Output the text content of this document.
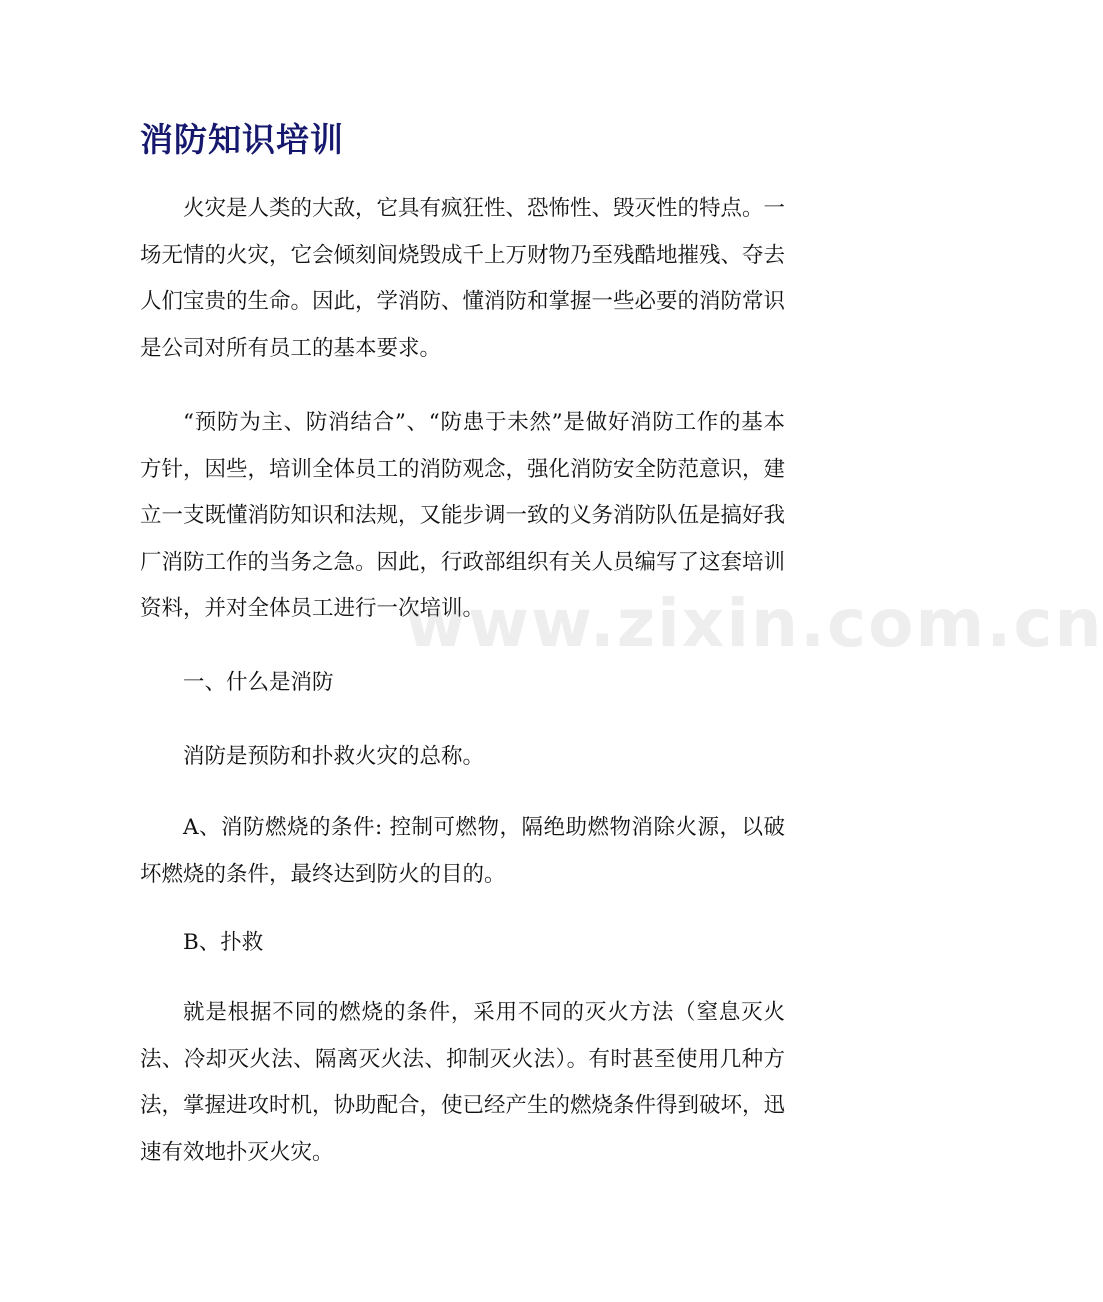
消防知识培训

火灾是人类的大敌，它具有疯狂性、恐怖性、毁灭性的特点。一场无情的火灾，它会倾刻间烧毁成千上万财物乃至残酷地摧残、夺去人们宝贵的生命。因此，学消防、懂消防和掌握一些必要的消防常识是公司对所有员工的基本要求。

“预防为主、防消结合”、“防患于未然”是做好消防工作的基本方针，因些，培训全体员工的消防观念，强化消防安全防范意识，建立一支既懂消防知识和法规，又能步调一致的义务消防队伍是搞好我厂消防工作的当务之急。因此，行政部组织有关人员编写了这套培训资料，并对全体员工进行一次培训。

一、什么是消防

消防是预防和扑救火灾的总称。

A、消防燃烧的条件: 控制可燃物，隔绝助燃物消除火源，以破坏燃烧的条件，最终达到防火的目的。

B、扑救

就是根据不同的燃烧的条件，采用不同的灭火方法（窒息灭火法、冷却灭火法、隔离灭火法、抑制灭火法）。有时甚至使用几种方法，掌握进攻时机，协助配合，使已经产生的燃烧条件得到破坏，迅速有效地扑灭火灾。

www.zixin.com.cn
